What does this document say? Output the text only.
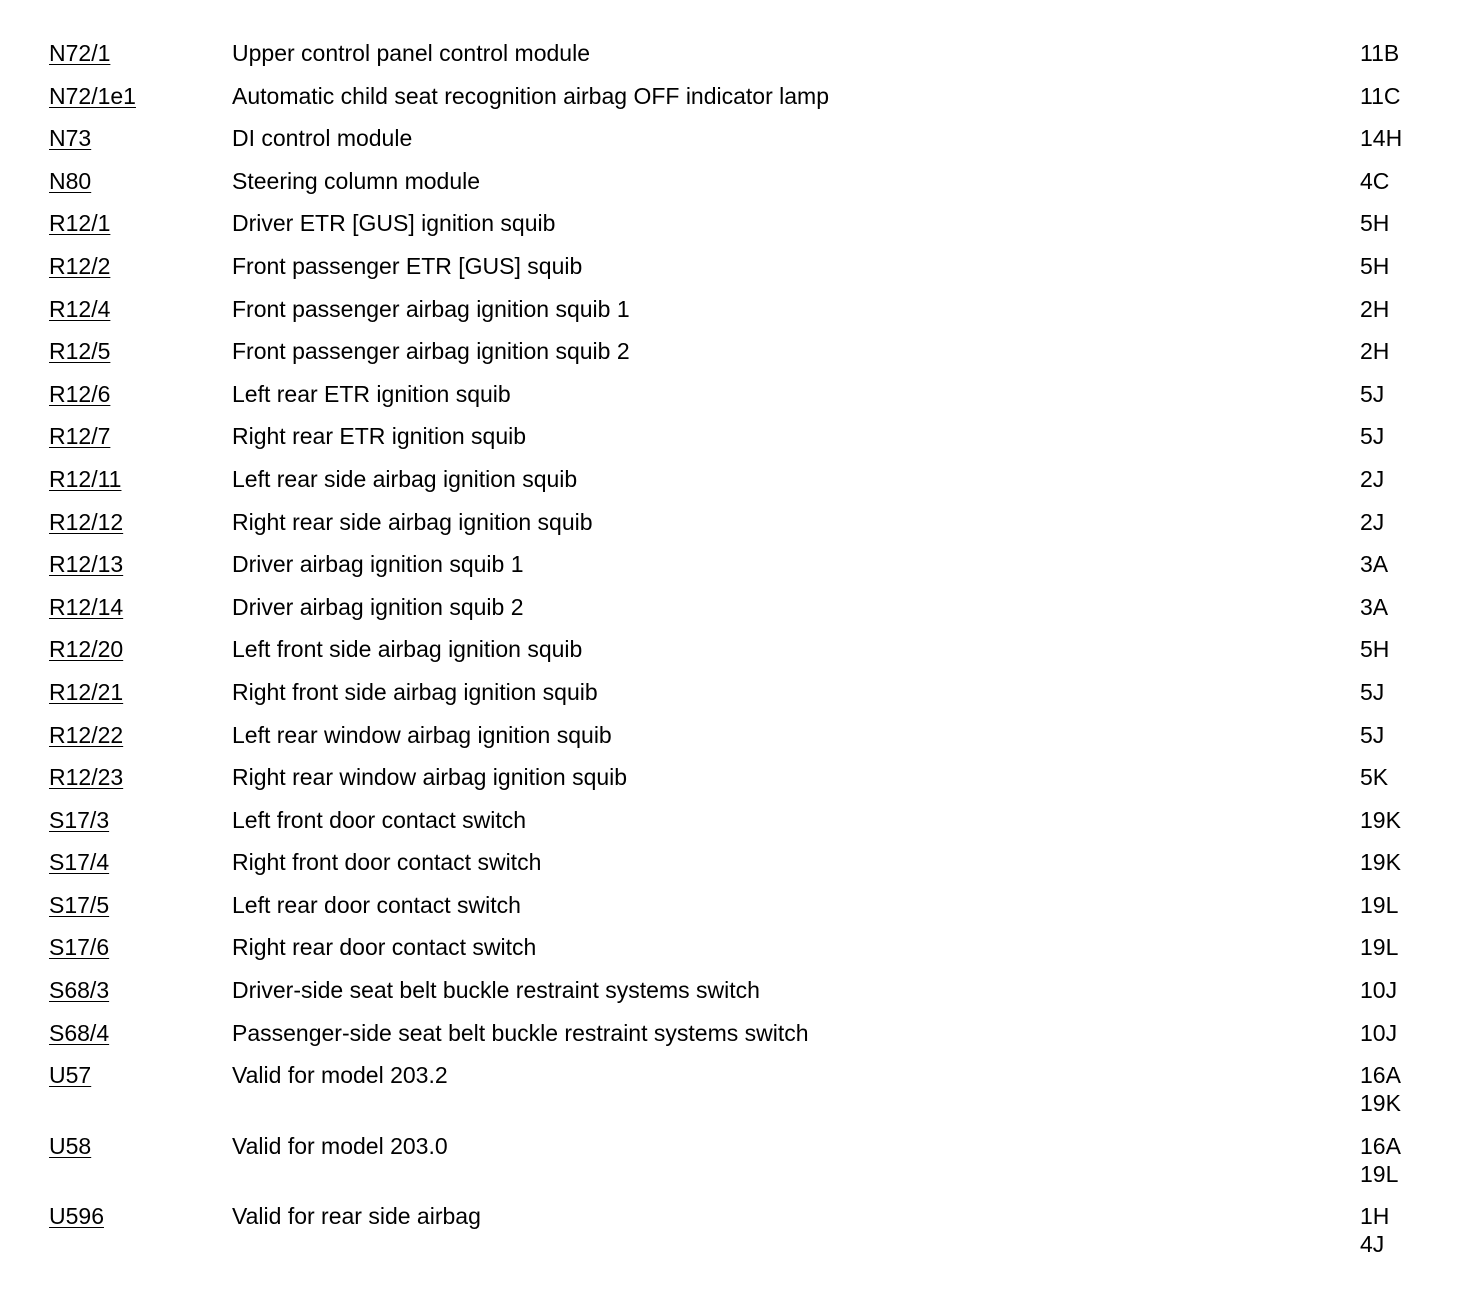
N72/1	Upper control panel control module	11B
N72/1e1	Automatic child seat recognition airbag OFF indicator lamp	11C
N73	DI control module	14H
N80	Steering column module	4C
R12/1	Driver ETR [GUS] ignition squib	5H
R12/2	Front passenger ETR [GUS] squib	5H
R12/4	Front passenger airbag ignition squib 1	2H
R12/5	Front passenger airbag ignition squib 2	2H
R12/6	Left rear ETR ignition squib	5J
R12/7	Right rear ETR ignition squib	5J
R12/11	Left rear side airbag ignition squib	2J
R12/12	Right rear side airbag ignition squib	2J
R12/13	Driver airbag ignition squib 1	3A
R12/14	Driver airbag ignition squib 2	3A
R12/20	Left front side airbag ignition squib	5H
R12/21	Right front side airbag ignition squib	5J
R12/22	Left rear window airbag ignition squib	5J
R12/23	Right rear window airbag ignition squib	5K
S17/3	Left front door contact switch	19K
S17/4	Right front door contact switch	19K
S17/5	Left rear door contact switch	19L
S17/6	Right rear door contact switch	19L
S68/3	Driver-side seat belt buckle restraint systems switch	10J
S68/4	Passenger-side seat belt buckle restraint systems switch	10J
U57	Valid for model 203.2	16A
19K
U58	Valid for model 203.0	16A
19L
U596	Valid for rear side airbag	1H
4J
